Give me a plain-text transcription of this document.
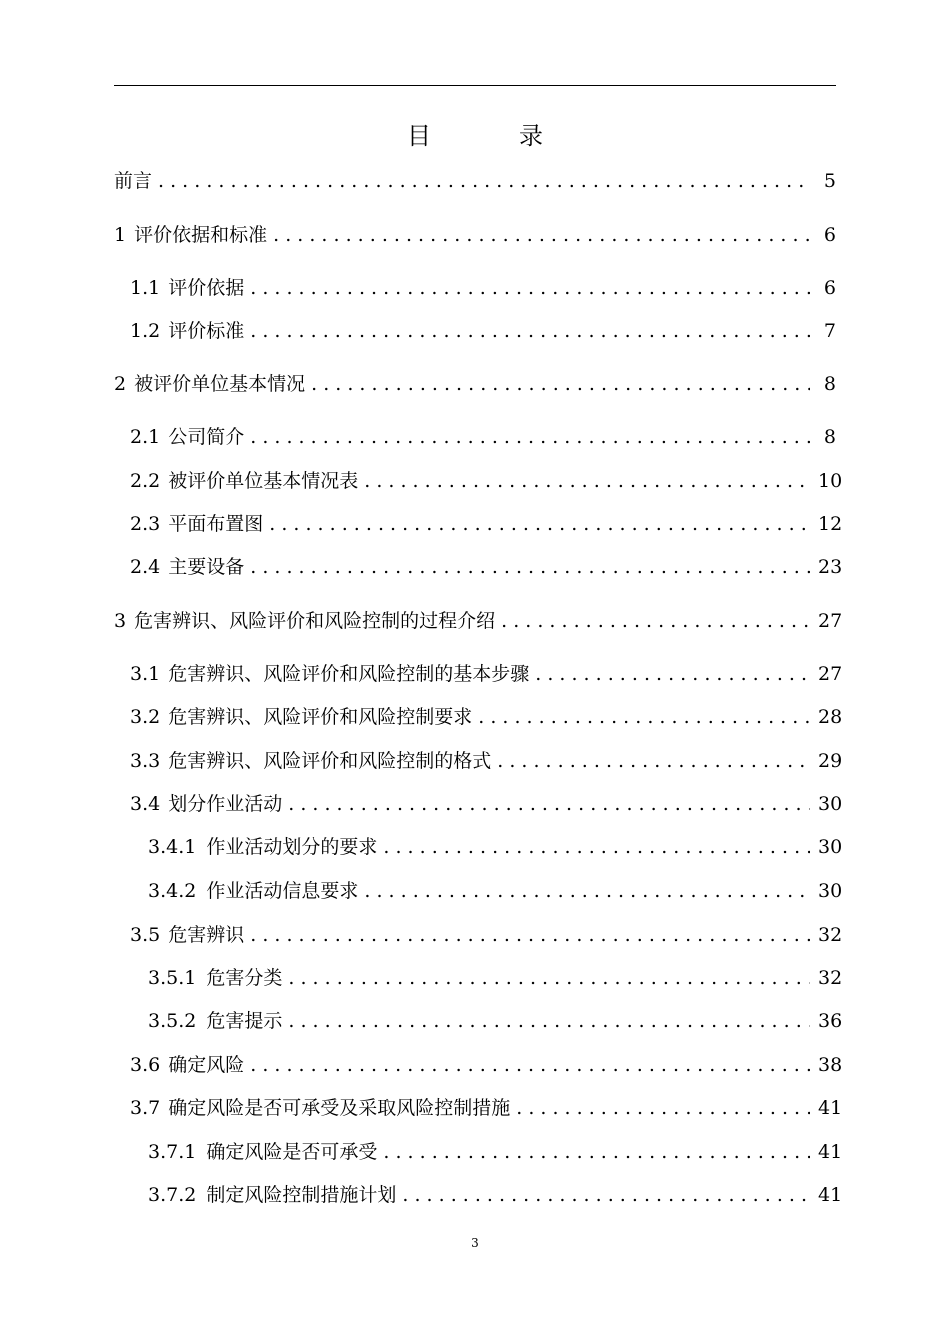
目	录
前言 . . .	5
1 评价依据和标准 . . .	6
1.1 评价依据 . . .	6
1.2 评价标准 . . .	7
2 被评价单位基本情况 . . .	8
2.1 公司简介 . . .	8
2.2 被评价单位基本情况表 . . .	10
2.3 平面布置图 . . .	12
2.4 主要设备 . . .	23
3 危害辨识、风险评价和风险控制的过程介绍 . . .	27
3.1 危害辨识、风险评价和风险控制的基本步骤 . . .	27
3.2 危害辨识、风险评价和风险控制要求 . . .	28
3.3 危害辨识、风险评价和风险控制的格式 . . .	29
3.4 划分作业活动 . . .	30
3.4.1 作业活动划分的要求 . . .	30
3.4.2 作业活动信息要求 . . .	30
3.5 危害辨识 . . .	32
3.5.1 危害分类 . . .	32
3.5.2 危害提示 . . .	36
3.6 确定风险 . . .	38
3.7 确定风险是否可承受及采取风险控制措施 . . .	41
3.7.1 确定风险是否可承受 . . .	41
3.7.2 制定风险控制措施计划 . . .	41
3
